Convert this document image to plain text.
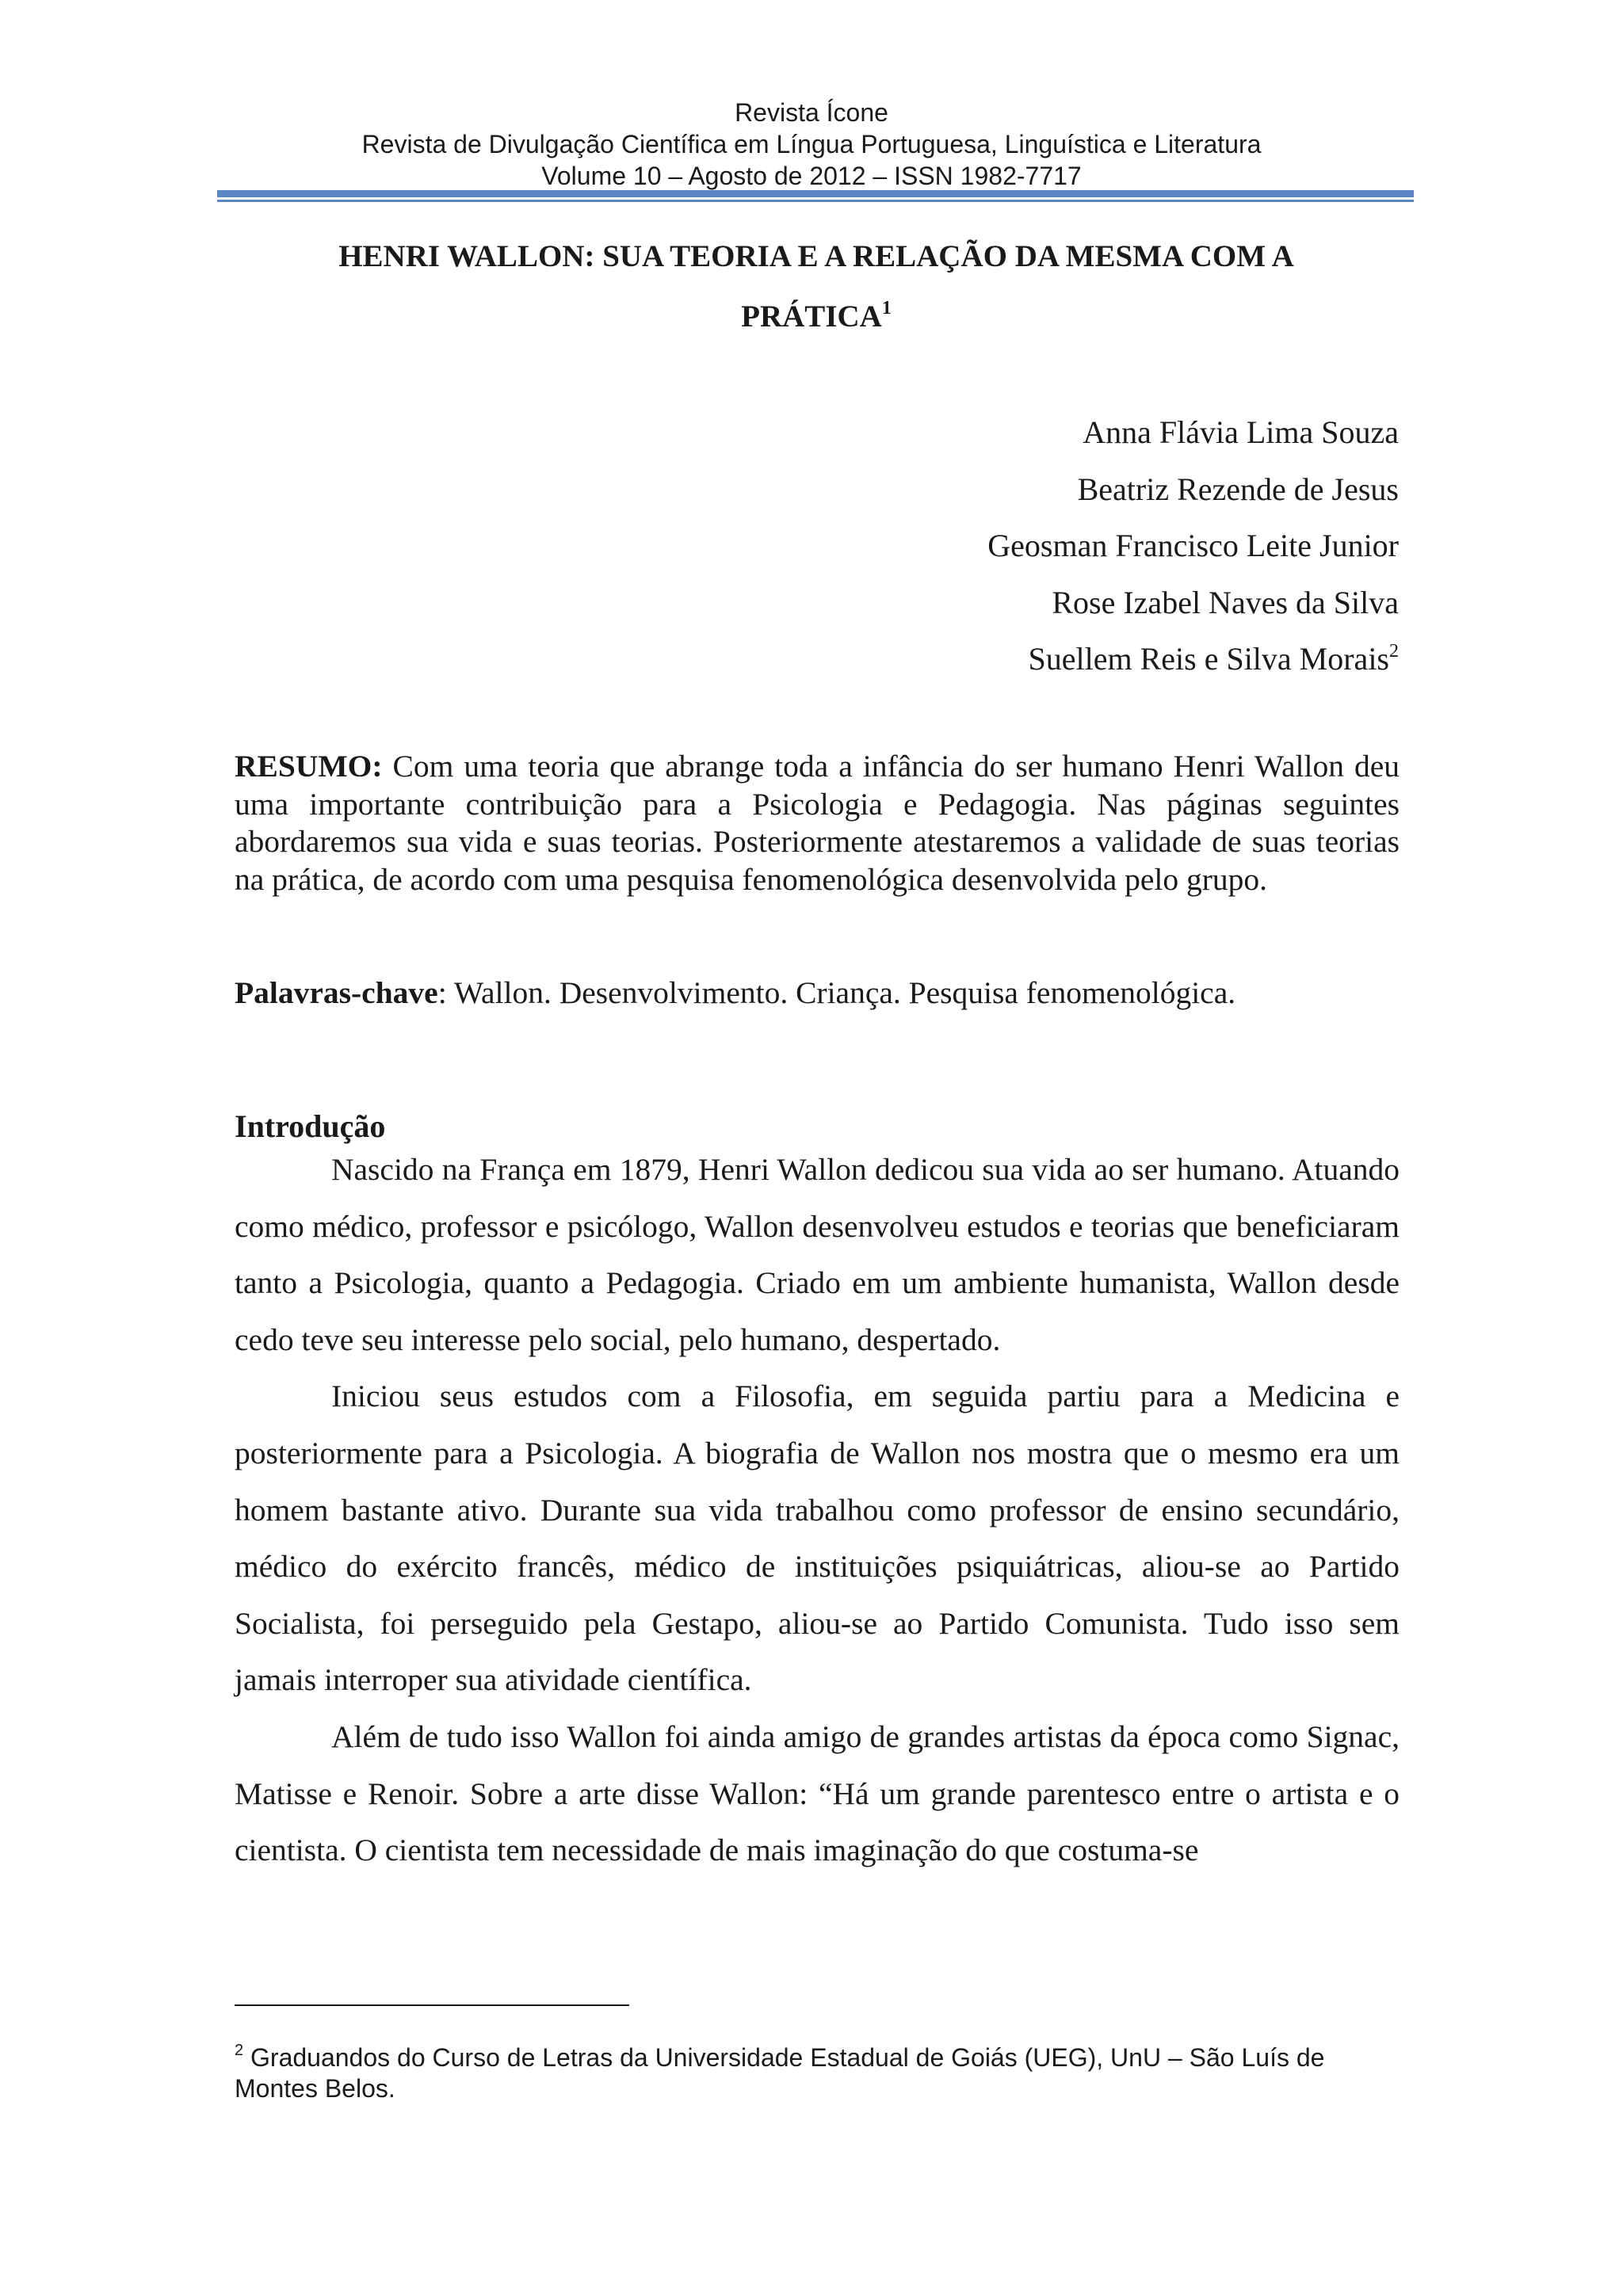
Revista Ícone
Revista de Divulgação Científica em Língua Portuguesa, Linguística e Literatura
Volume 10 – Agosto de 2012 – ISSN 1982-7717
HENRI WALLON: SUA TEORIA E A RELAÇÃO DA MESMA COM A
PRÁTICA$^1$
Anna Flávia Lima Souza
Beatriz Rezende de Jesus
Geosman Francisco Leite Junior
Rose Izabel Naves da Silva
Suellem Reis e Silva Morais$^2$
RESUMO: Com uma teoria que abrange toda a infância do ser humano Henri Wallon deu uma importante contribuição para a Psicologia e Pedagogia. Nas páginas seguintes abordaremos sua vida e suas teorias. Posteriormente atestaremos a validade de suas teorias na prática, de acordo com uma pesquisa fenomenológica desenvolvida pelo grupo.
Palavras-chave: Wallon. Desenvolvimento. Criança. Pesquisa fenomenológica.
Introdução

Nascido na França em 1879, Henri Wallon dedicou sua vida ao ser humano. Atuando como médico, professor e psicólogo, Wallon desenvolveu estudos e teorias que beneficiaram tanto a Psicologia, quanto a Pedagogia. Criado em um ambiente humanista, Wallon desde cedo teve seu interesse pelo social, pelo humano, despertado.

Iniciou seus estudos com a Filosofia, em seguida partiu para a Medicina e posteriormente para a Psicologia. A biografia de Wallon nos mostra que o mesmo era um homem bastante ativo. Durante sua vida trabalhou como professor de ensino secundário, médico do exército francês, médico de instituições psiquiátricas, aliou-se ao Partido Socialista, foi perseguido pela Gestapo, aliou-se ao Partido Comunista. Tudo isso sem jamais interroper sua atividade científica.

Além de tudo isso Wallon foi ainda amigo de grandes artistas da época como Signac, Matisse e Renoir. Sobre a arte disse Wallon: “Há um grande parentesco entre o artista e o cientista. O cientista tem necessidade de mais imaginação do que costuma-se

$^2$ Graduandos do Curso de Letras da Universidade Estadual de Goiás (UEG), UnU – São Luís de Montes Belos.
